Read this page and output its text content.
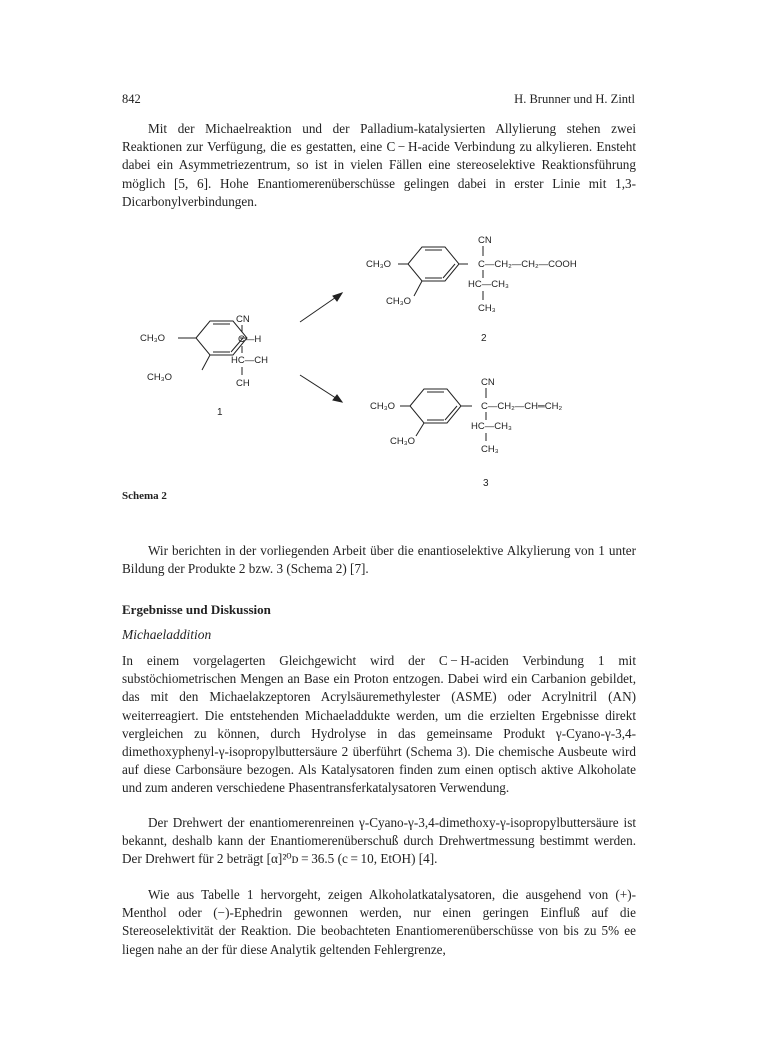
842	H. Brunner und H. Zintl
Mit der Michaelreaktion und der Palladium-katalysierten Allylierung stehen zwei Reaktionen zur Verfügung, die es gestatten, eine C − H-acide Verbindung zu alkylieren. Ensteht dabei ein Asymmetriezentrum, so ist in vielen Fällen eine stereoselektive Reaktionsführung möglich [5, 6]. Hohe Enantiomerenüberschüsse gelingen dabei in erster Linie mit 1,3-Dicarbonylverbindungen.
CH₃O
CH₃O
CN
C—H
HC—CH
CH
1
CH₃O
CH₃O
CN
C—CH₂—CH₂—COOH
HC—CH₃
CH₃
2
CH₃O
CH₃O
CN
C—CH₂—CH═CH₂
HC—CH₃
CH₃
3
Schema 2
Wir berichten in der vorliegenden Arbeit über die enantioselektive Alkylierung von 1 unter Bildung der Produkte 2 bzw. 3 (Schema 2) [7].
Ergebnisse und Diskussion
Michaeladdition
In einem vorgelagerten Gleichgewicht wird der C − H-aciden Verbindung 1 mit substöchiometrischen Mengen an Base ein Proton entzogen. Dabei wird ein Carbanion gebildet, das mit den Michaelakzeptoren Acrylsäuremethylester (ASME) oder Acrylnitril (AN) weiterreagiert. Die entstehenden Michaeladdukte werden, um die erzielten Ergebnisse direkt vergleichen zu können, durch Hydrolyse in das gemeinsame Produkt γ-Cyano-γ-3,4-dimethoxyphenyl-γ-isopropylbuttersäure 2 überführt (Schema 3). Die chemische Ausbeute wird auf diese Carbonsäure bezogen. Als Katalysatoren finden zum einen optisch aktive Alkoholate und zum anderen verschiedene Phasentransferkatalysatoren Verwendung.
Der Drehwert der enantiomerenreinen γ-Cyano-γ-3,4-dimethoxy-γ-isopropylbuttersäure ist bekannt, deshalb kann der Enantiomerenüberschuß durch Drehwertmessung bestimmt werden. Der Drehwert für 2 beträgt [α]²⁰ᴅ = 36.5 (c = 10, EtOH) [4].
Wie aus Tabelle 1 hervorgeht, zeigen Alkoholatkatalysatoren, die ausgehend von (+)-Menthol oder (−)-Ephedrin gewonnen werden, nur einen geringen Einfluß auf die Stereoselektivität der Reaktion. Die beobachteten Enantiomerenüberschüsse von bis zu 5% ee liegen nahe an der für diese Analytik geltenden Fehlergrenze,
